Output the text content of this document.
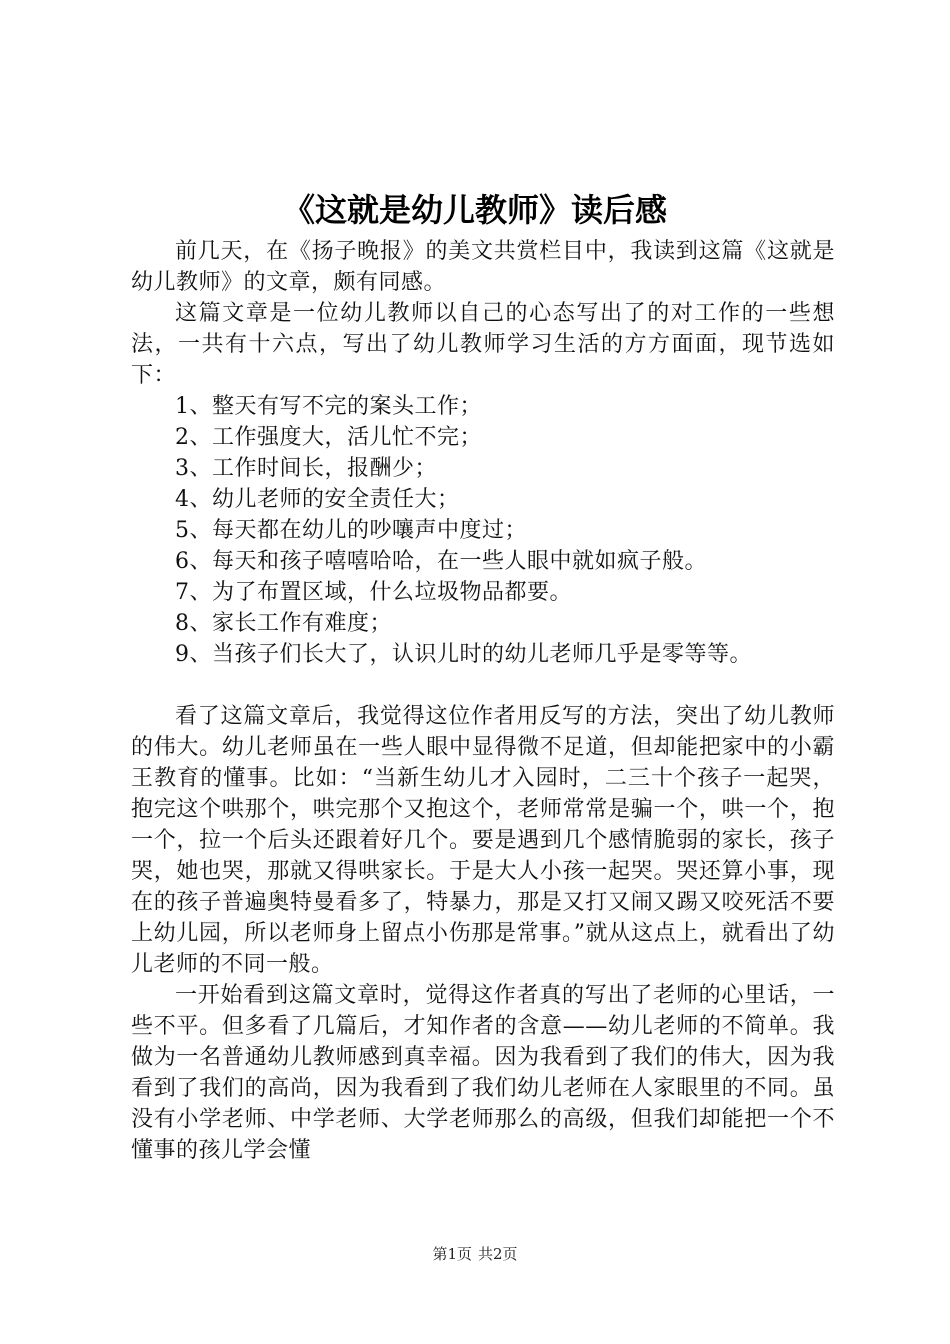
《这就是幼儿教师》读后感

前几天，在《扬子晚报》的美文共赏栏目中，我读到这篇《这就是幼儿教师》的文章，颇有同感。

这篇文章是一位幼儿教师以自己的心态写出了的对工作的一些想法，一共有十六点，写出了幼儿教师学习生活的方方面面，现节选如下：

1、整天有写不完的案头工作；

2、工作强度大，活儿忙不完；

3、工作时间长，报酬少；

4、幼儿老师的安全责任大；

5、每天都在幼儿的吵嚷声中度过；

6、每天和孩子嘻嘻哈哈，在一些人眼中就如疯子般。

7、为了布置区域，什么垃圾物品都要。

8、家长工作有难度；

9、当孩子们长大了，认识儿时的幼儿老师几乎是零等等。

看了这篇文章后，我觉得这位作者用反写的方法，突出了幼儿教师的伟大。幼儿老师虽在一些人眼中显得微不足道，但却能把家中的小霸王教育的懂事。比如：“当新生幼儿才入园时，二三十个孩子一起哭，抱完这个哄那个，哄完那个又抱这个，老师常常是骗一个，哄一个，抱一个，拉一个后头还跟着好几个。要是遇到几个感情脆弱的家长，孩子哭，她也哭，那就又得哄家长。于是大人小孩一起哭。哭还算小事，现在的孩子普遍奥特曼看多了，特暴力，那是又打又闹又踢又咬死活不要上幼儿园，所以老师身上留点小伤那是常事。”就从这点上，就看出了幼儿老师的不同一般。

一开始看到这篇文章时，觉得这作者真的写出了老师的心里话，一些不平。但多看了几篇后，才知作者的含意——幼儿老师的不简单。我做为一名普通幼儿教师感到真幸福。因为我看到了我们的伟大，因为我看到了我们的高尚，因为我看到了我们幼儿老师在人家眼里的不同。虽没有小学老师、中学老师、大学老师那么的高级，但我们却能把一个不懂事的孩儿学会懂

第1页 共2页
